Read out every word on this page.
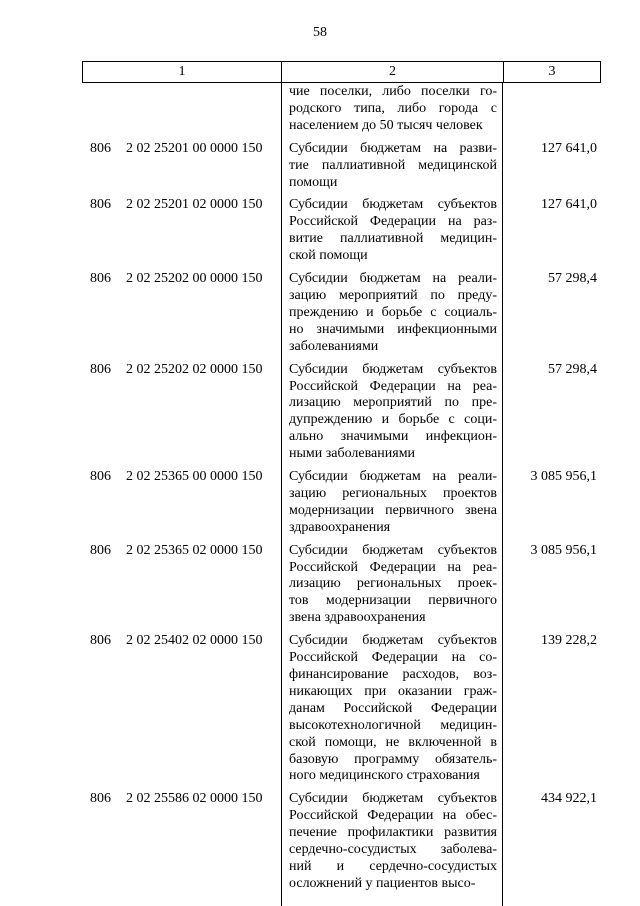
58
1	2	3
чие поселки, либо поселки го-
родского типа, либо города с
населением до 50 тысяч человек
806 2 02 25201 00 0000 150 Субсидии бюджетам на разви-
тие паллиативной медицинской
помощи
127 641,0
806 2 02 25201 02 0000 150 Субсидии бюджетам субъектов
Российской Федерации на раз-
витие паллиативной медицин-
ской помощи
127 641,0
806 2 02 25202 00 0000 150 Субсидии бюджетам на реали-
зацию мероприятий по преду-
преждению и борьбе с социаль-
но значимыми инфекционными
заболеваниями
57 298,4
806 2 02 25202 02 0000 150 Субсидии бюджетам субъектов
Российской Федерации на реа-
лизацию мероприятий по пре-
дупреждению и борьбе с соци-
ально значимыми инфекцион-
ными заболеваниями
57 298,4
806 2 02 25365 00 0000 150 Субсидии бюджетам на реали-
зацию региональных проектов
модернизации первичного звена
здравоохранения
3 085 956,1
806 2 02 25365 02 0000 150 Субсидии бюджетам субъектов
Российской Федерации на реа-
лизацию региональных проек-
тов модернизации первичного
звена здравоохранения
3 085 956,1
806 2 02 25402 02 0000 150 Субсидии бюджетам субъектов
Российской Федерации на со-
финансирование расходов, воз-
никающих при оказании граж-
данам Российской Федерации
высокотехнологичной медицин-
ской помощи, не включенной в
базовую программу обязатель-
ного медицинского страхования
139 228,2
806 2 02 25586 02 0000 150 Субсидии бюджетам субъектов
Российской Федерации на обес-
печение профилактики развития
сердечно-сосудистых заболева-
ний и сердечно-сосудистых
осложнений у пациентов высо-
434 922,1
